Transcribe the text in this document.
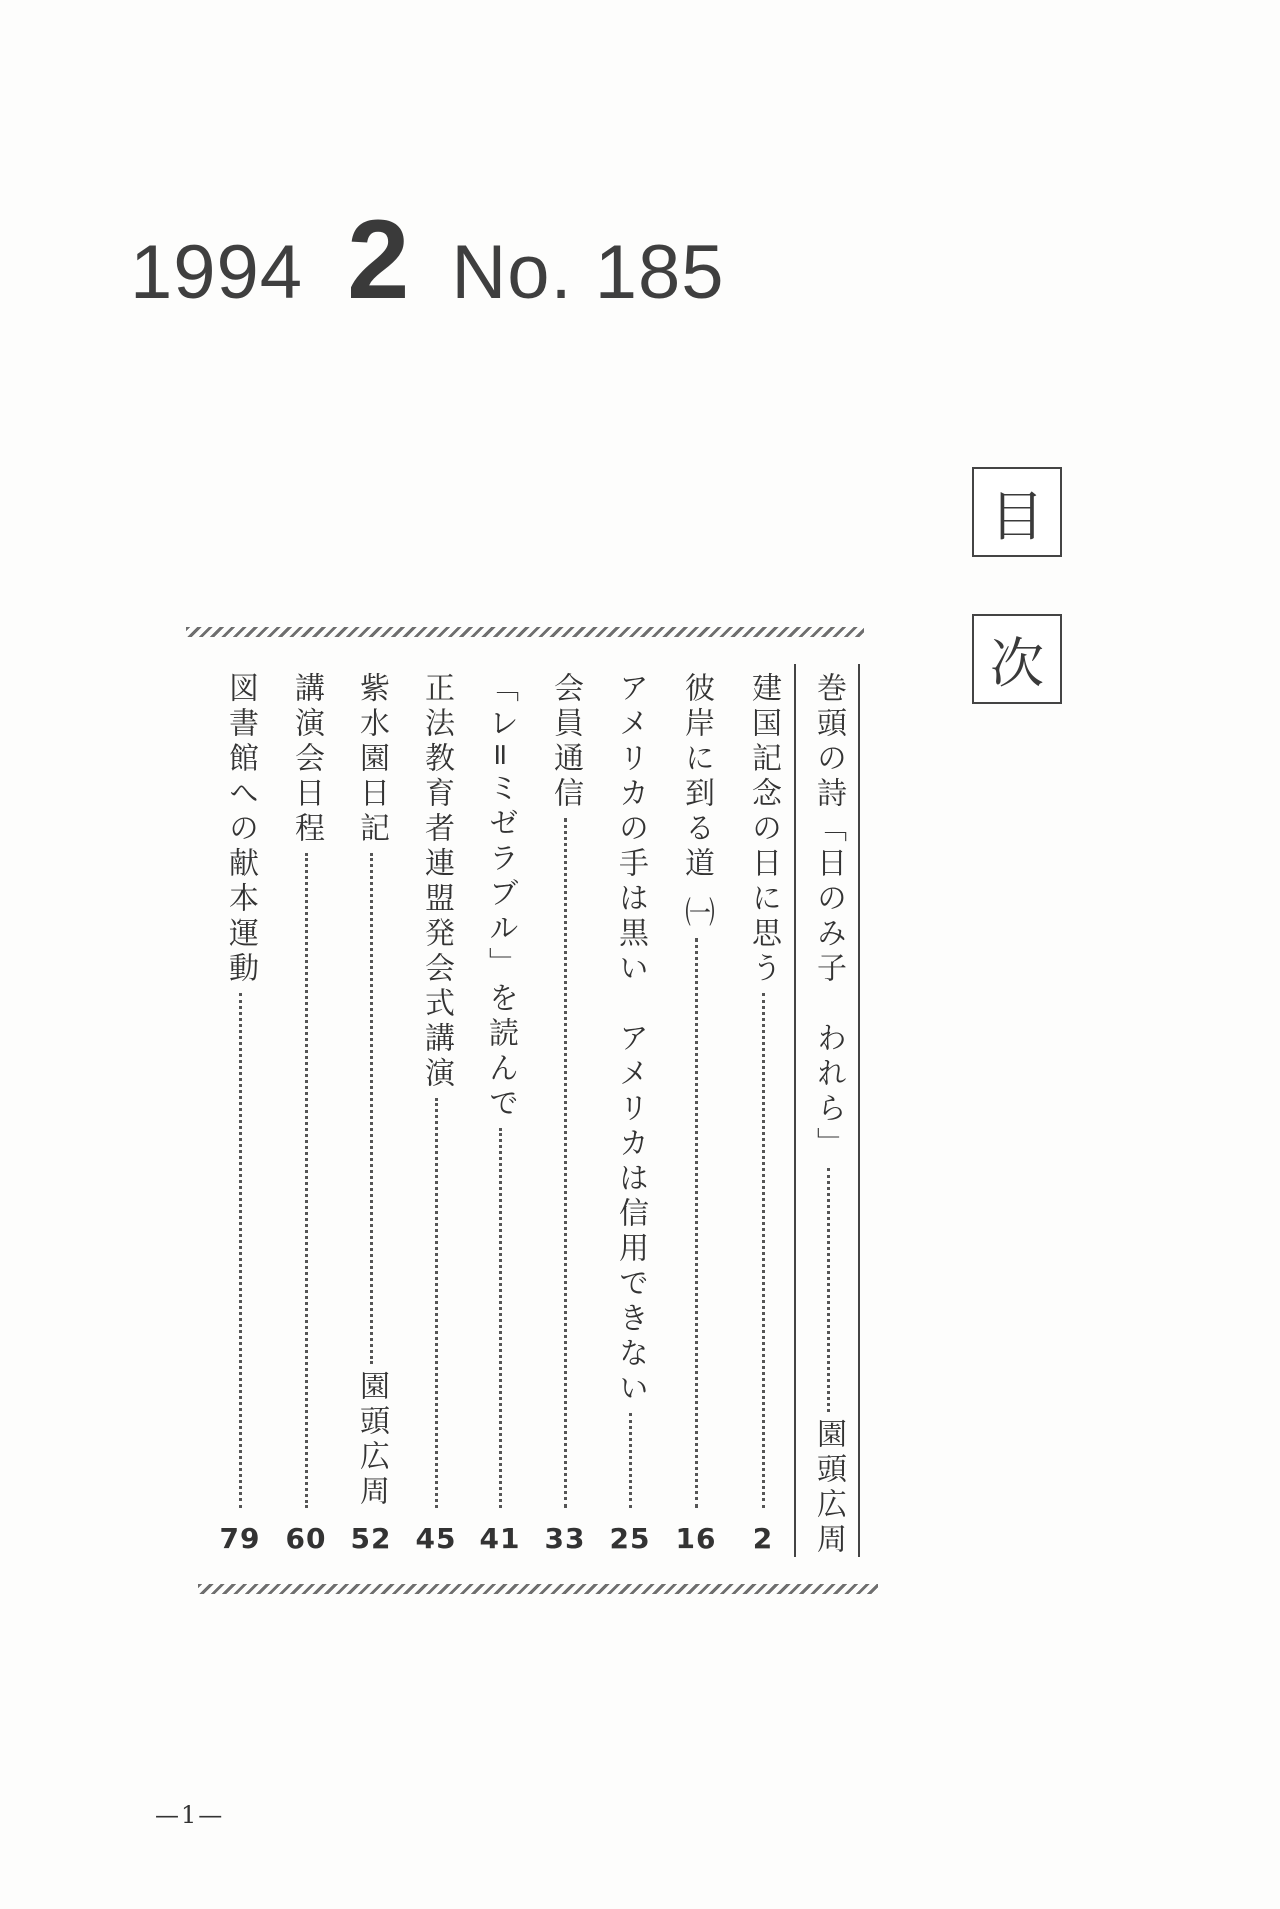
1994 2 No. 185
目
次
巻頭の詩「日のみ子　われら」
園頭広周
建国記念の日に思う
2
彼岸に到る道 ㈠
16
アメリカの手は黒い　アメリカは信用できない
25
会員通信
33
「レ=ミゼラブル」を読んで
41
正法教育者連盟発会式講演
45
紫水園日記
園頭広周
52
講演会日程
60
図書館への献本運動
79
—1—
